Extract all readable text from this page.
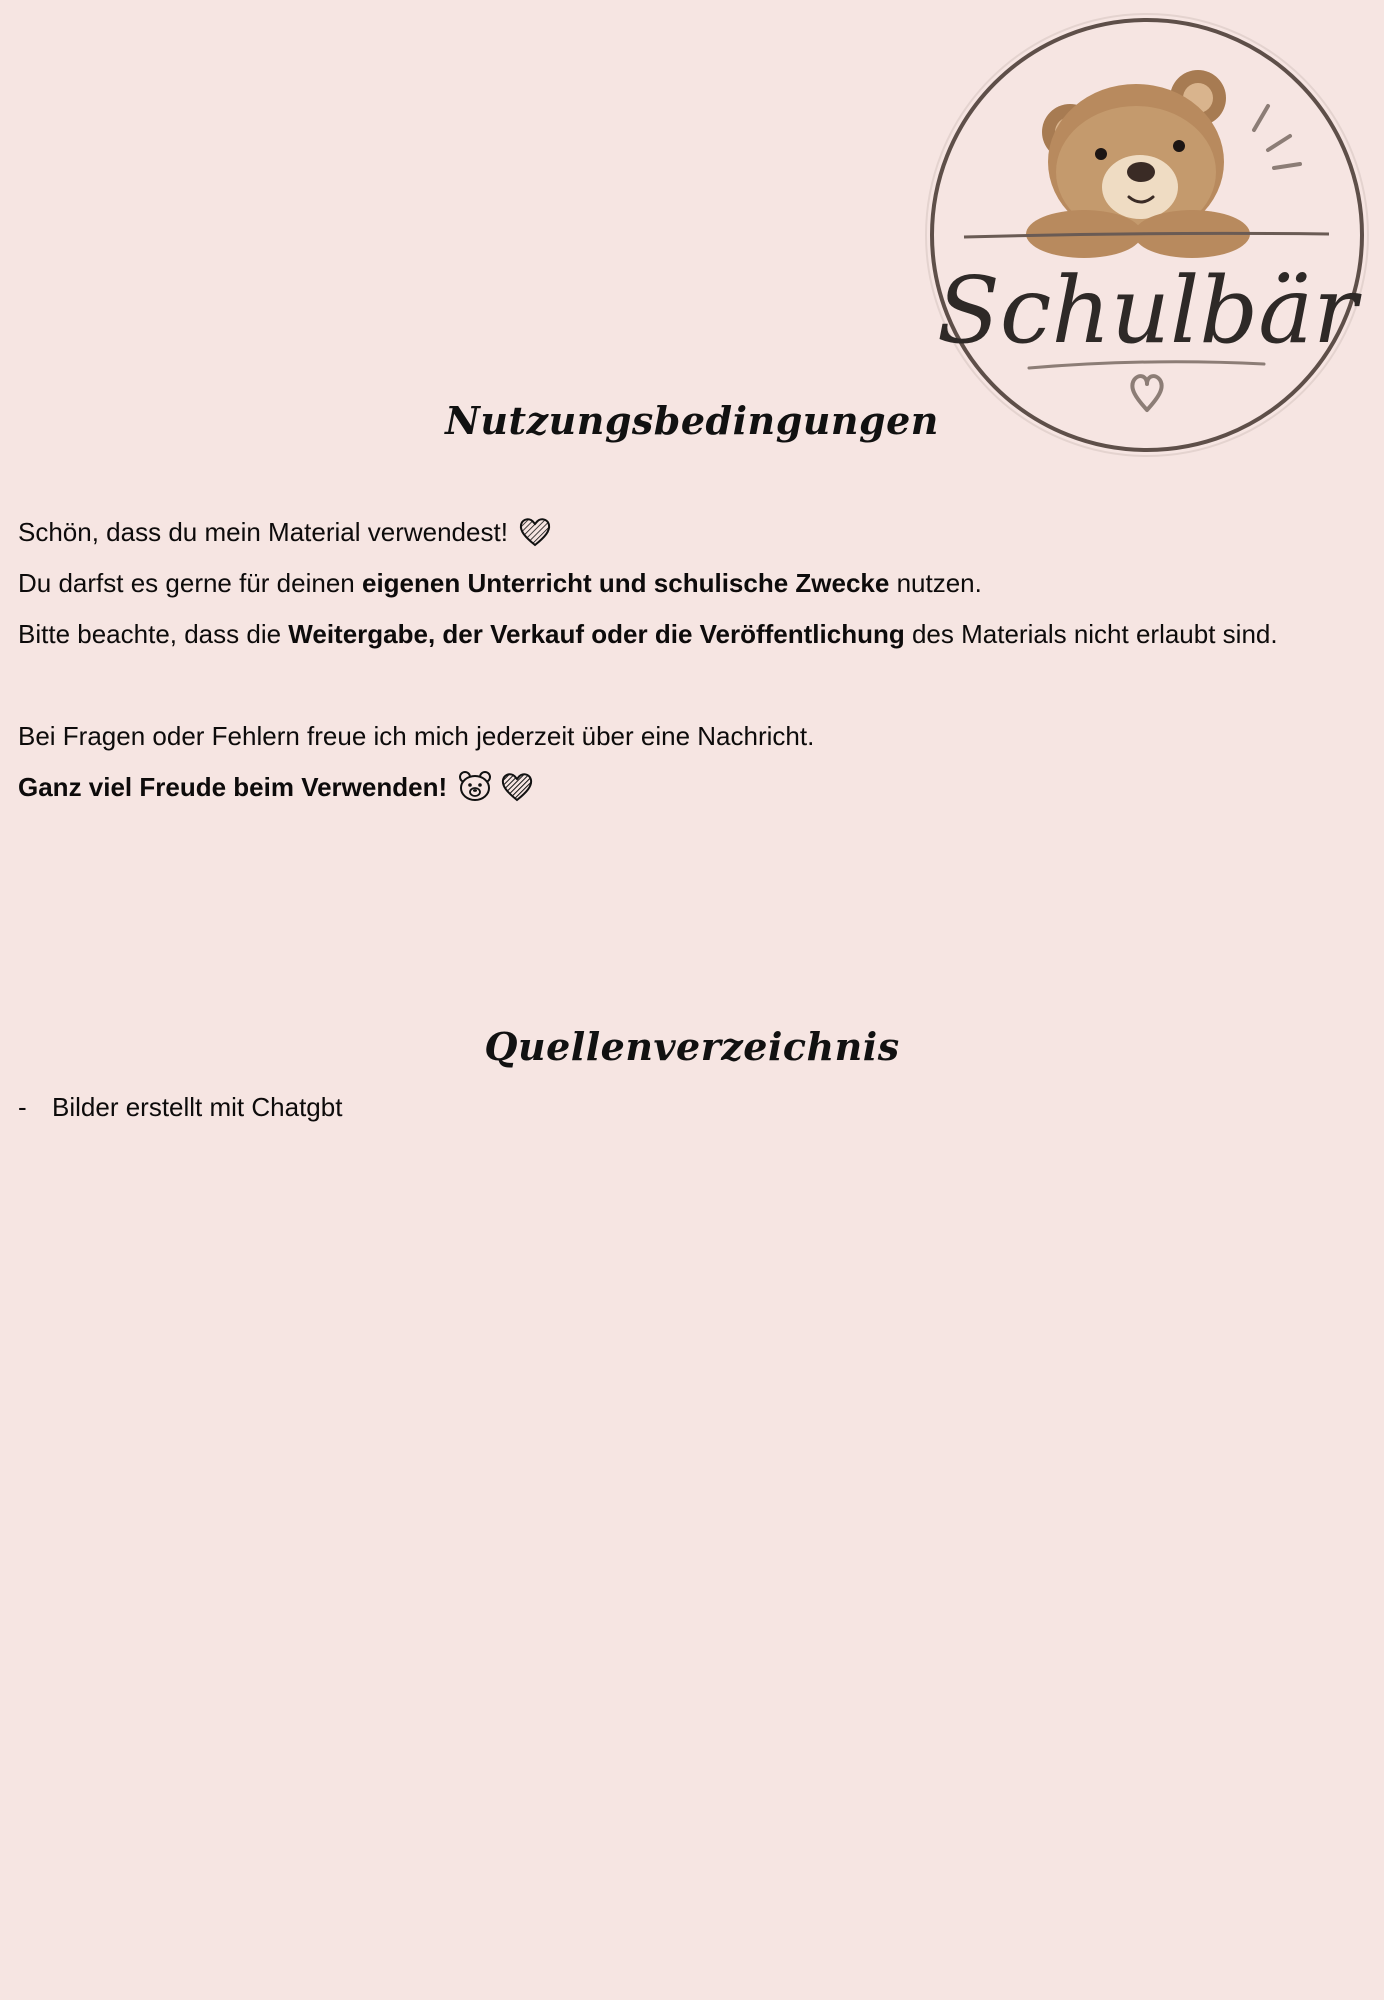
Schulbär
Nutzungsbedingungen

Schön, dass du mein Material verwendest!

Du darfst es gerne für deinen eigenen Unterricht und schulische Zwecke nutzen.

Bitte beachte, dass die Weitergabe, der Verkauf oder die Veröffentlichung des Materials nicht erlaubt sind.

Bei Fragen oder Fehlern freue ich mich jederzeit über eine Nachricht.

Ganz viel Freude beim Verwenden!

Quellenverzeichnis
- Bilder erstellt mit Chatgbt
